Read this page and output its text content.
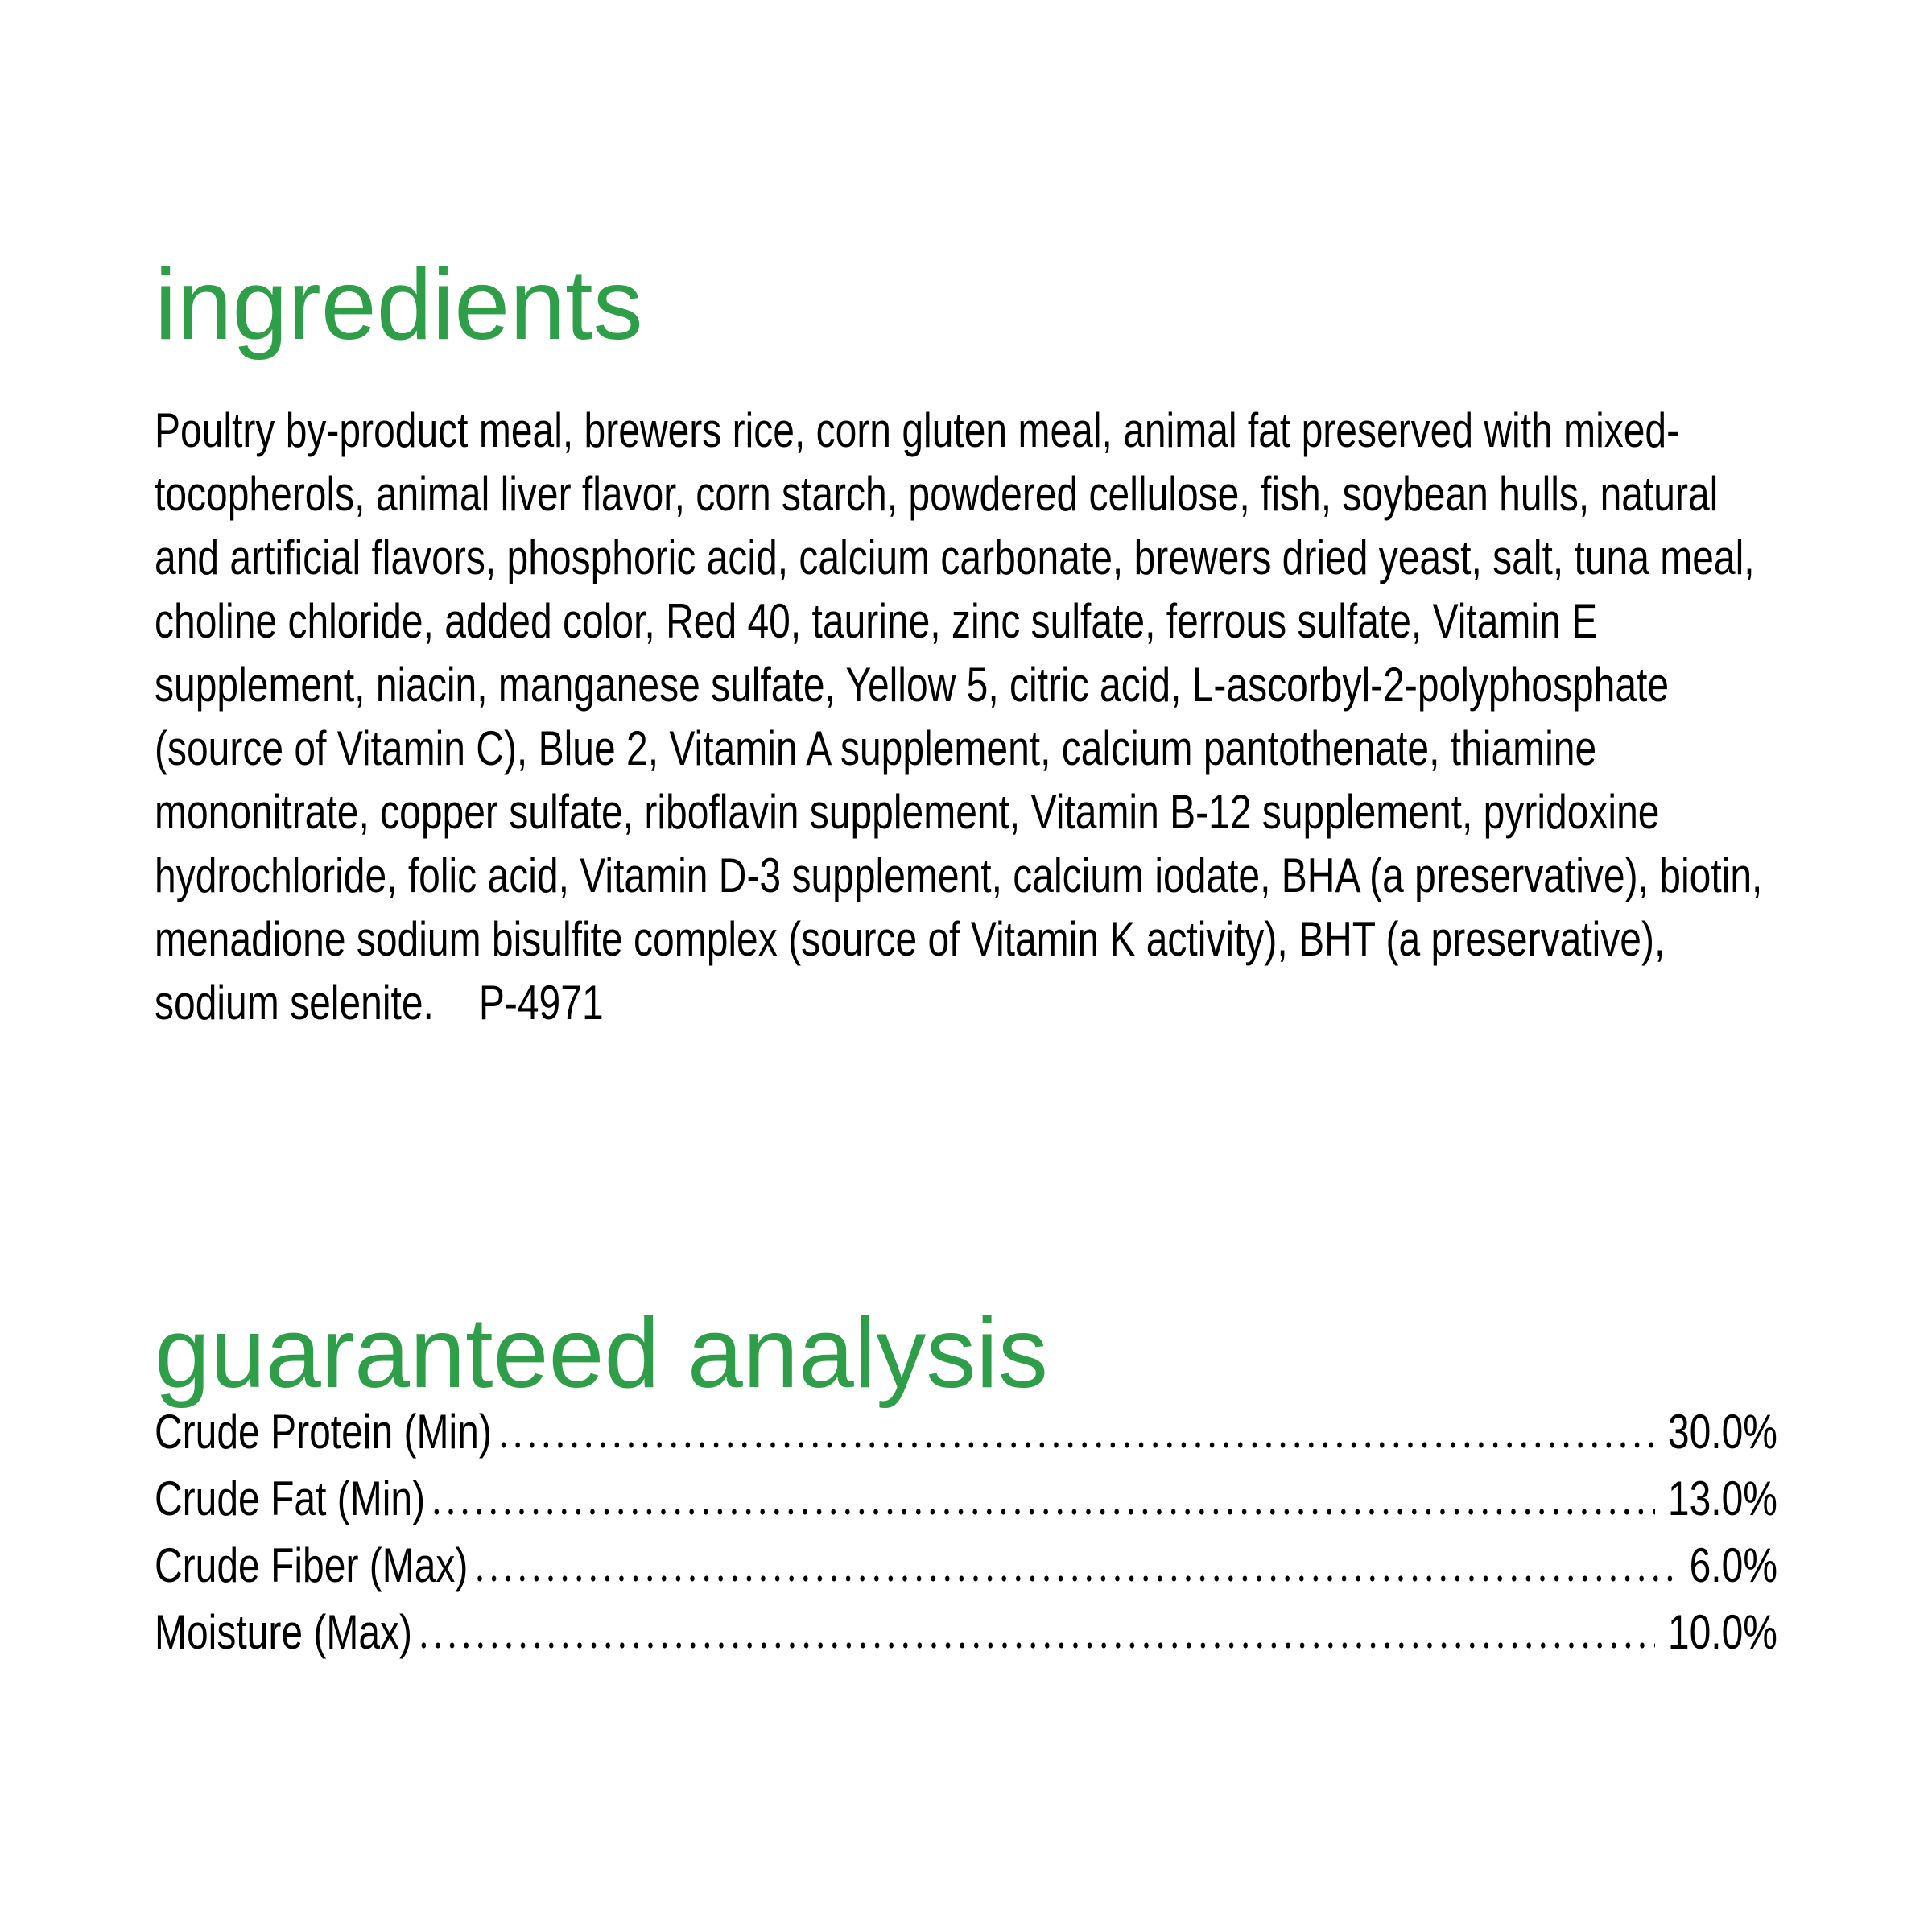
ingredients

Poultry by-product meal, brewers rice, corn gluten meal, animal fat preserved with mixed-tocopherols, animal liver flavor, corn starch, powdered cellulose, fish, soybean hulls, natural and artificial flavors, phosphoric acid, calcium carbonate, brewers dried yeast, salt, tuna meal, choline chloride, added color, Red 40, taurine, zinc sulfate, ferrous sulfate, Vitamin E supplement, niacin, manganese sulfate, Yellow 5, citric acid, L-ascorbyl-2-polyphosphate (source of Vitamin C), Blue 2, Vitamin A supplement, calcium pantothenate, thiamine mononitrate, copper sulfate, riboflavin supplement, Vitamin B-12 supplement, pyridoxine hydrochloride, folic acid, Vitamin D-3 supplement, calcium iodate, BHA (a preservative), biotin, menadione sodium bisulfite complex (source of Vitamin K activity), BHT (a preservative), sodium selenite. P-4971

guaranteed analysis
Crude Protein (Min)	30.0%
Crude Fat (Min)	13.0%
Crude Fiber (Max)	6.0%
Moisture (Max)	10.0%
